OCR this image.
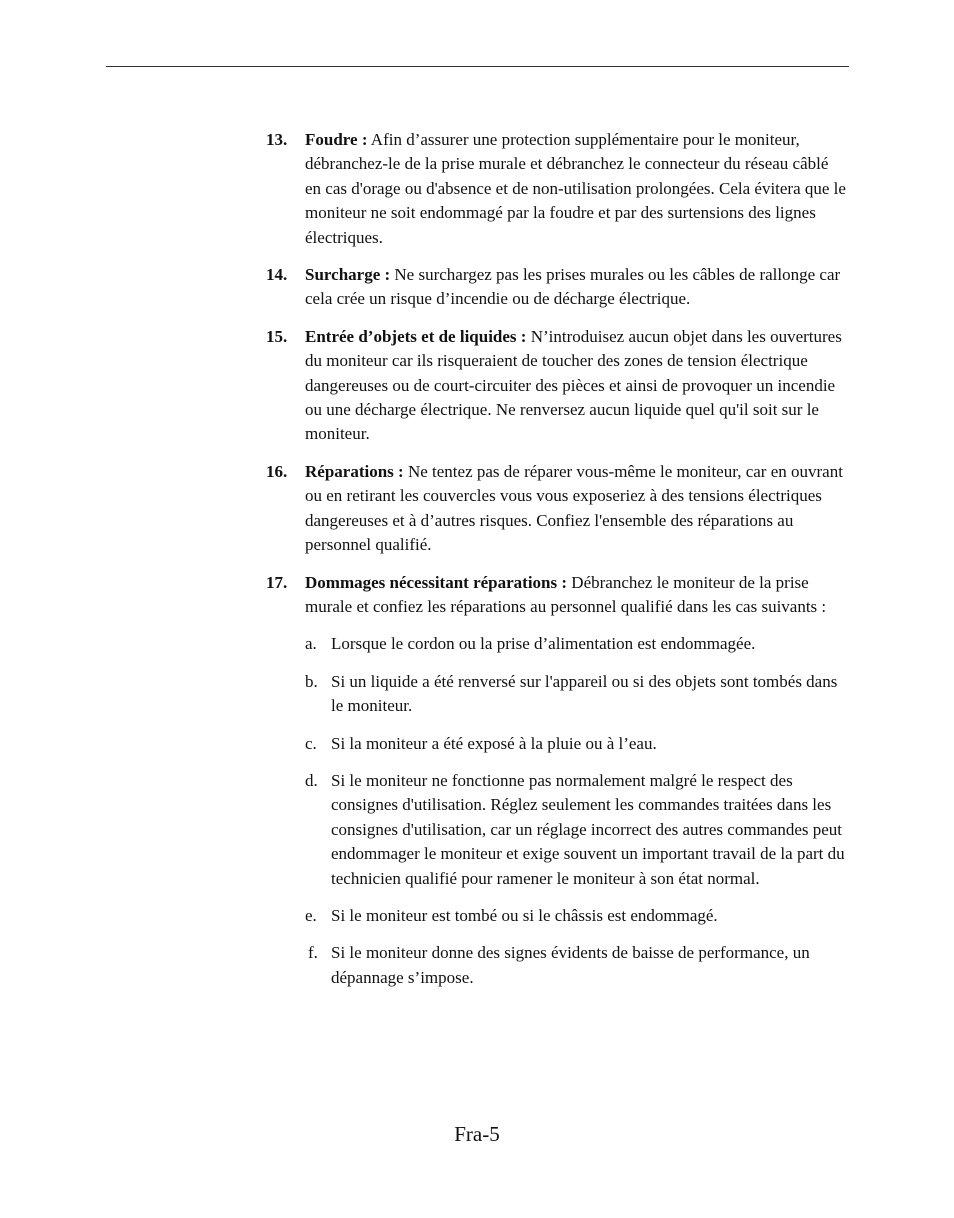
13. Foudre : Afin d’assurer une protection supplémentaire pour le moniteur, débranchez-le de la prise murale et débranchez le connecteur du réseau câblé en cas d'orage ou d'absence et de non-utilisation prolongées. Cela évitera que le moniteur ne soit endommagé par la foudre et par des surtensions des lignes électriques.
14. Surcharge : Ne surchargez pas les prises murales ou les câbles de rallonge car cela crée un risque d’incendie ou de décharge électrique.
15. Entrée d’objets et de liquides : N’introduisez aucun objet dans les ouvertures du moniteur car ils risqueraient de toucher des zones de tension électrique dangereuses ou de court-circuiter des pièces et ainsi de provoquer un incendie ou une décharge électrique. Ne renversez aucun liquide quel qu'il soit sur le moniteur.
16. Réparations : Ne tentez pas de réparer vous-même le moniteur, car en ouvrant ou en retirant les couvercles vous vous exposeriez à des tensions électriques dangereuses et à d’autres risques. Confiez l'ensemble des réparations au personnel qualifié.
17. Dommages nécessitant réparations : Débranchez le moniteur de la prise murale et confiez les réparations au personnel qualifié dans les cas suivants :
a. Lorsque le cordon ou la prise d’alimentation est endommagée.
b. Si un liquide a été renversé sur l'appareil ou si des objets sont tombés dans le moniteur.
c. Si la moniteur a été exposé à la pluie ou à l’eau.
d. Si le moniteur ne fonctionne pas normalement malgré le respect des consignes d'utilisation. Réglez seulement les commandes traitées dans les consignes d'utilisation, car un réglage incorrect des autres commandes peut endommager le moniteur et exige souvent un important travail de la part du technicien qualifié pour ramener le moniteur à son état normal.
e. Si le moniteur est tombé ou si le châssis est endommagé.
f. Si le moniteur donne des signes évidents de baisse de performance, un dépannage s’impose.
Fra-5
